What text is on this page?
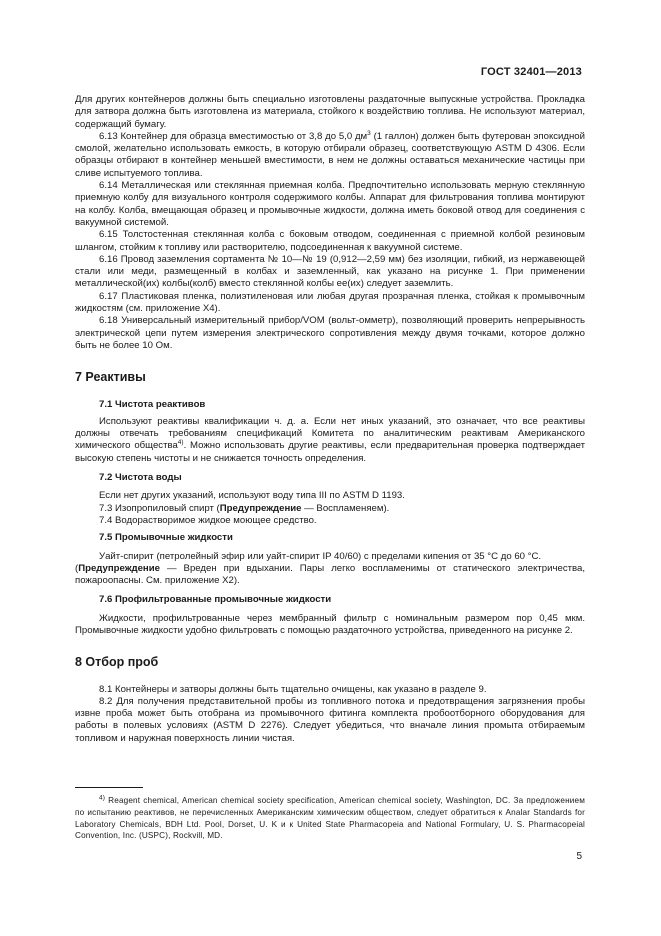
ГОСТ 32401—2013

Для других контейнеров должны быть специально изготовлены раздаточные выпускные устройства. Прокладка для затвора должна быть изготовлена из материала, стойкого к воздействию топлива. Не используют материал, содержащий бумагу.

6.13 Контейнер для образца вместимостью от 3,8 до 5,0 $дм^3$ (1 галлон) должен быть футерован эпоксидной смолой, желательно использовать емкость, в которую отбирали образец, соответствующую ASTM D 4306. Если образцы отбирают в контейнер меньшей вместимости, в нем не должны оставаться механические частицы при сливе испытуемого топлива.

6.14 Металлическая или стеклянная приемная колба. Предпочтительно использовать мерную стеклянную приемную колбу для визуального контроля содержимого колбы. Аппарат для фильтрования топлива монтируют на колбу. Колба, вмещающая образец и промывочные жидкости, должна иметь боковой отвод для соединения с вакуумной системой.

6.15 Толстостенная стеклянная колба с боковым отводом, соединенная с приемной колбой резиновым шлангом, стойким к топливу или растворителю, подсоединенная к вакуумной системе.

6.16 Провод заземления сортамента № 10—№ 19 (0,912—2,59 мм) без изоляции, гибкий, из нержавеющей стали или меди, размещенный в колбах и заземленный, как указано на рисунке 1. При применении металлической(их) колбы(колб) вместо стеклянной колбы ее(их) следует заземлить.

6.17 Пластиковая пленка, полиэтиленовая или любая другая прозрачная пленка, стойкая к промывочным жидкостям (см. приложение Х4).

6.18 Универсальный измерительный прибор/VOM (вольт-омметр), позволяющий проверить непрерывность электрической цепи путем измерения электрического сопротивления между двумя точками, которое должно быть не более 10 Ом.

7 Реактивы

7.1 Чистота реактивов

Используют реактивы квалификации ч. д. а. Если нет иных указаний, это означает, что все реактивы должны отвечать требованиям спецификаций Комитета по аналитическим реактивам Американского химического общества$^{4)}$. Можно использовать другие реактивы, если предварительная проверка подтверждает высокую степень чистоты и не снижается точность определения.

7.2 Чистота воды

Если нет других указаний, используют воду типа III по ASTM D 1193.

7.3 Изопропиловый спирт (Предупреждение — Воспламеняем).

7.4 Водорастворимое жидкое моющее средство.

7.5 Промывочные жидкости

Уайт-спирит (петролейный эфир или уайт-спирит IP 40/60) с пределами кипения от 35 °С до 60 °С.

(Предупреждение — Вреден при вдыхании. Пары легко воспламенимы от статического электричества, пожароопасны. См. приложение Х2).

7.6 Профильтрованные промывочные жидкости

Жидкости, профильтрованные через мембранный фильтр с номинальным размером пор 0,45 мкм. Промывочные жидкости удобно фильтровать с помощью раздаточного устройства, приведенного на рисунке 2.

8 Отбор проб

8.1 Контейнеры и затворы должны быть тщательно очищены, как указано в разделе 9.

8.2 Для получения представительной пробы из топливного потока и предотвращения загрязнения пробы извне проба может быть отобрана из промывочного фитинга комплекта пробоотборного оборудования для работы в полевых условиях (ASTM D 2276). Следует убедиться, что вначале линия промыта отбираемым топливом и наружная поверхность линии чистая.

$^{4)}$ Reagent chemical, American chemical society specification, American chemical society, Washington, DC. За предложением по испытанию реактивов, не перечисленных Американским химическим обществом, следует обратиться к Analar Standards for Laboratory Chemicals, BDH Ltd. Pool, Dorset, U. K и к United State Pharmacopeia and National Formulary, U. S. Pharmacopeial Convention, Inc. (USPC), Rockvill, MD.

5
